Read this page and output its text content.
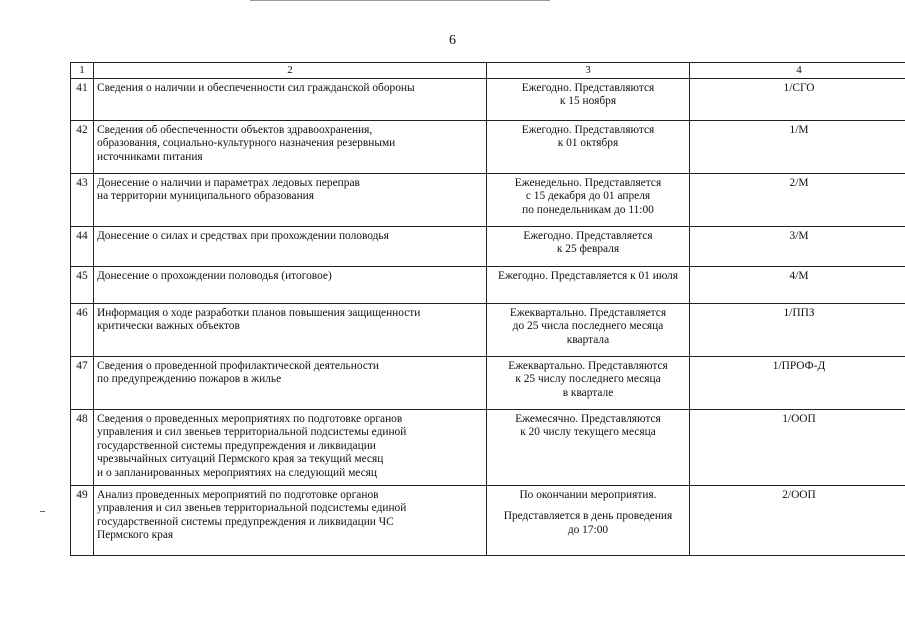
6
1	2	3	4
41	Сведения о наличии и обеспеченности сил гражданской обороны	Ежегодно. Представляются
к 15 ноября	1/СГО
42	Сведения об обеспеченности объектов здравоохранения,
образования, социально-культурного назначения резервными
источниками питания	Ежегодно. Представляются
к 01 октября	1/М
43	Донесение о наличии и параметрах ледовых переправ
на территории муниципального образования	Еженедельно. Представляется
с 15 декабря до 01 апреля
по понедельникам до 11:00	2/М
44	Донесение о силах и средствах при прохождении половодья	Ежегодно. Представляется
к 25 февраля	3/М
45	Донесение о прохождении половодья (итоговое)	Ежегодно. Представляется к 01 июля	4/М
46	Информация о ходе разработки планов повышения защищенности
критически важных объектов	Ежеквартально. Представляется
до 25 числа последнего месяца
квартала	1/ППЗ
47	Сведения о проведенной профилактической деятельности
по предупреждению пожаров в жилье	Ежеквартально. Представляются
к 25 числу последнего месяца
в квартале	1/ПРОФ-Д
48	Сведения о проведенных мероприятиях по подготовке органов
управления и сил звеньев территориальной подсистемы единой
государственной системы предупреждения и ликвидации
чрезвычайных ситуаций Пермского края за текущий месяц
и о запланированных мероприятиях на следующий месяц	Ежемесячно. Представляются
к 20 числу текущего месяца	1/ООП
49	Анализ проведенных мероприятий по подготовке органов
управления и сил звеньев территориальной подсистемы единой
государственной системы предупреждения и ликвидации ЧС
Пермского края	По окончании мероприятия.
Представляется в день проведения
до 17:00	2/ООП
